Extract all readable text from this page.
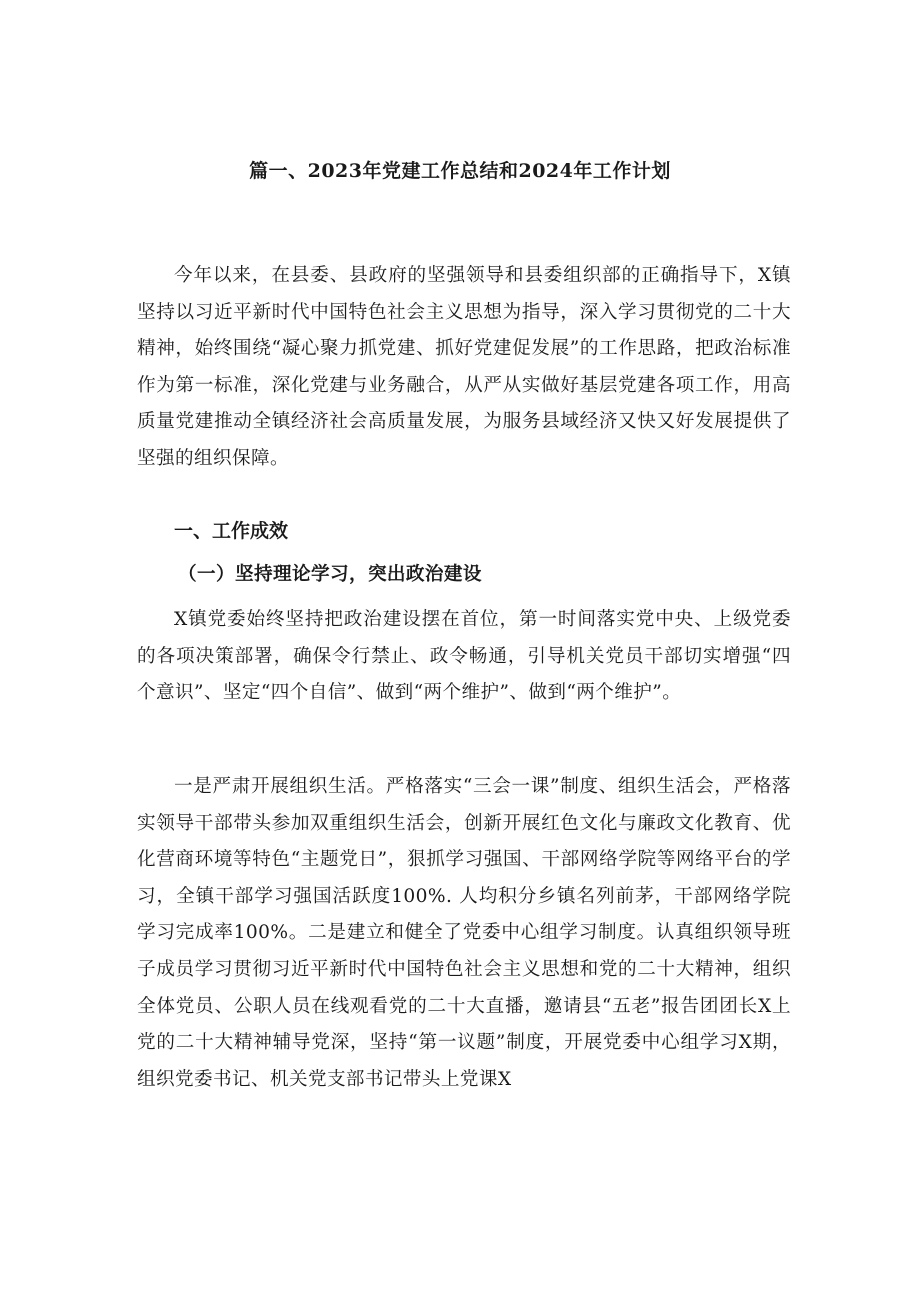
篇一、2023年党建工作总结和2024年工作计划

今年以来，在县委、县政府的坚强领导和县委组织部的正确指导下，X镇坚持以习近平新时代中国特色社会主义思想为指导，深入学习贯彻党的二十大精神，始终围绕“凝心聚力抓党建、抓好党建促发展”的工作思路，把政治标准作为第一标准，深化党建与业务融合，从严从实做好基层党建各项工作，用高质量党建推动全镇经济社会高质量发展，为服务县域经济又快又好发展提供了坚强的组织保障。

一、工作成效
（一）坚持理论学习，突出政治建设

X镇党委始终坚持把政治建设摆在首位，第一时间落实党中央、上级党委的各项决策部署，确保令行禁止、政令畅通，引导机关党员干部切实增强“四个意识”、坚定“四个自信”、做到“两个维护”、做到“两个维护”。

一是严肃开展组织生活。严格落实“三会一课”制度、组织生活会，严格落实领导干部带头参加双重组织生活会，创新开展红色文化与廉政文化教育、优化营商环境等特色“主题党日”，狠抓学习强国、干部网络学院等网络平台的学习，全镇干部学习强国活跃度100%. 人均积分乡镇名列前茅，干部网络学院学习完成率100%。二是建立和健全了党委中心组学习制度。认真组织领导班子成员学习贯彻习近平新时代中国特色社会主义思想和党的二十大精神，组织全体党员、公职人员在线观看党的二十大直播，邀请县“五老”报告团团长X上党的二十大精神辅导党深，坚持“第一议题”制度，开展党委中心组学习X期，组织党委书记、机关党支部书记带头上党课X
